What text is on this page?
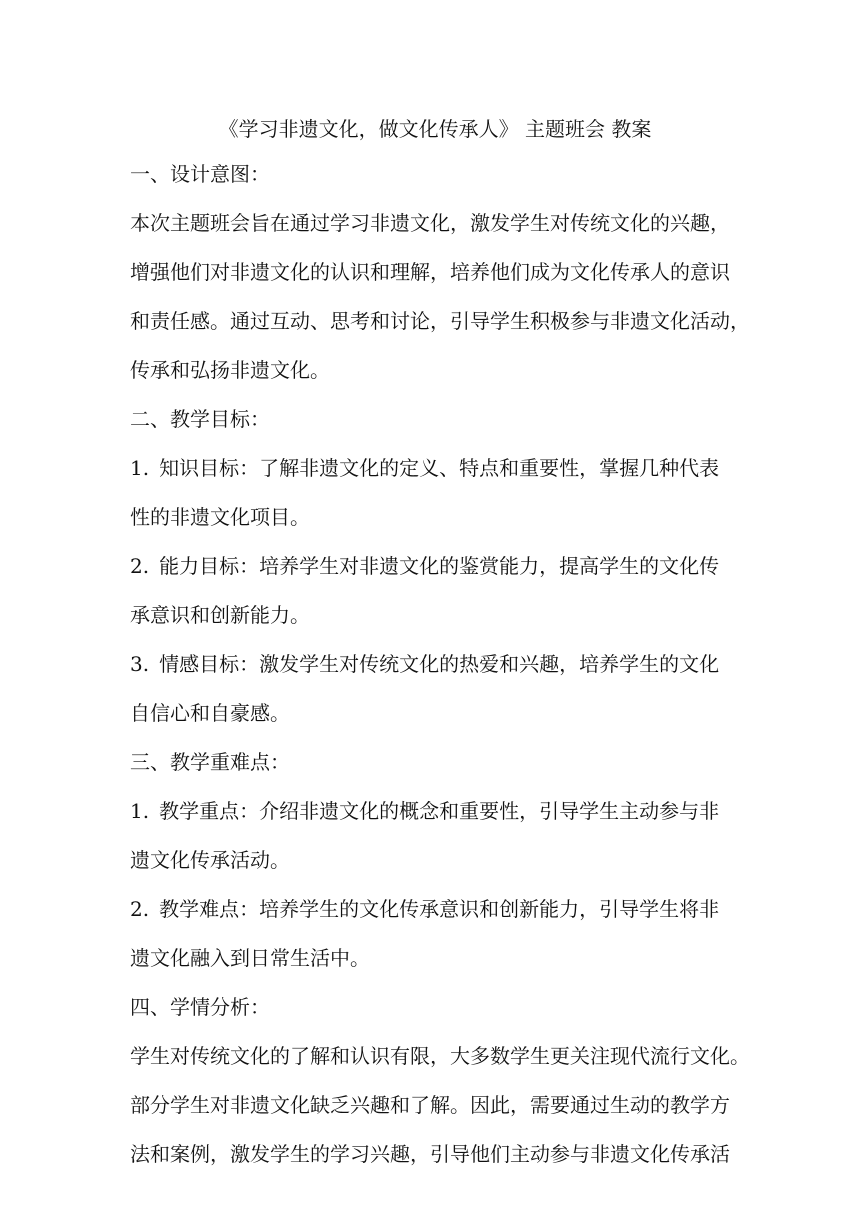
《学习非遗文化，做文化传承人》 主题班会 教案
一、设计意图：
本次主题班会旨在通过学习非遗文化，激发学生对传统文化的兴趣，
增强他们对非遗文化的认识和理解，培养他们成为文化传承人的意识
和责任感。通过互动、思考和讨论，引导学生积极参与非遗文化活动，
传承和弘扬非遗文化。
二、教学目标：
1. 知识目标：了解非遗文化的定义、特点和重要性，掌握几种代表
性的非遗文化项目。
2. 能力目标：培养学生对非遗文化的鉴赏能力，提高学生的文化传
承意识和创新能力。
3. 情感目标：激发学生对传统文化的热爱和兴趣，培养学生的文化
自信心和自豪感。
三、教学重难点：
1. 教学重点：介绍非遗文化的概念和重要性，引导学生主动参与非
遗文化传承活动。
2. 教学难点：培养学生的文化传承意识和创新能力，引导学生将非
遗文化融入到日常生活中。
四、学情分析：
学生对传统文化的了解和认识有限，大多数学生更关注现代流行文化。
部分学生对非遗文化缺乏兴趣和了解。因此，需要通过生动的教学方
法和案例，激发学生的学习兴趣，引导他们主动参与非遗文化传承活
